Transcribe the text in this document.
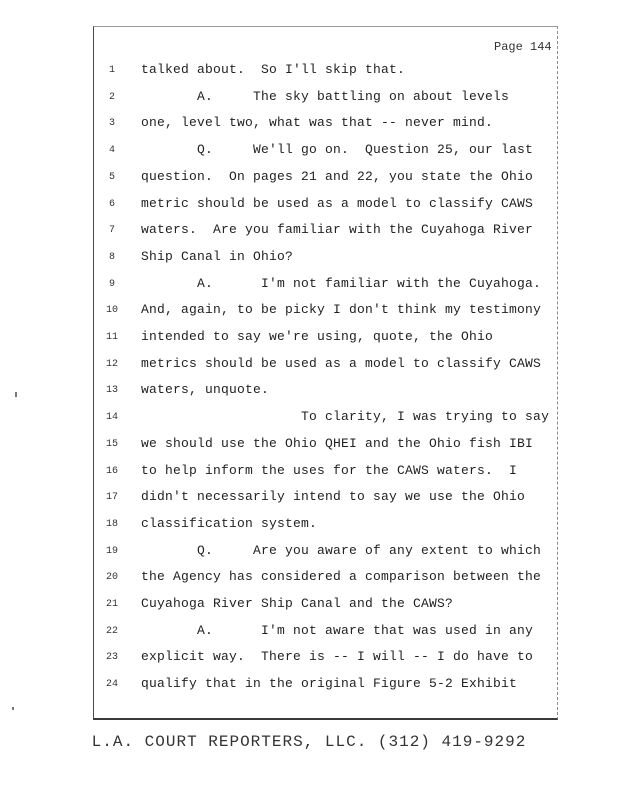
Page 144
1	talked about.  So I'll skip that.
2	A.     The sky battling on about levels
3	one, level two, what was that -- never mind.
4	Q.     We'll go on.  Question 25, our last
5	question.  On pages 21 and 22, you state the Ohio
6	metric should be used as a model to classify CAWS
7	waters.  Are you familiar with the Cuyahoga River
8	Ship Canal in Ohio?
9	A.      I'm not familiar with the Cuyahoga.
10 And, again, to be picky I don't think my testimony
11 intended to say we're using, quote, the Ohio
12 metrics should be used as a model to classify CAWS
13 waters, unquote.
14 To clarity, I was trying to say
15 we should use the Ohio QHEI and the Ohio fish IBI
16 to help inform the uses for the CAWS waters.  I
17 didn't necessarily intend to say we use the Ohio
18 classification system.
19 Q.     Are you aware of any extent to which
20 the Agency has considered a comparison between the
21 Cuyahoga River Ship Canal and the CAWS?
22 A.      I'm not aware that was used in any
23 explicit way.  There is -- I will -- I do have to
24 qualify that in the original Figure 5-2 Exhibit
L.A. COURT REPORTERS, LLC. (312) 419-9292
